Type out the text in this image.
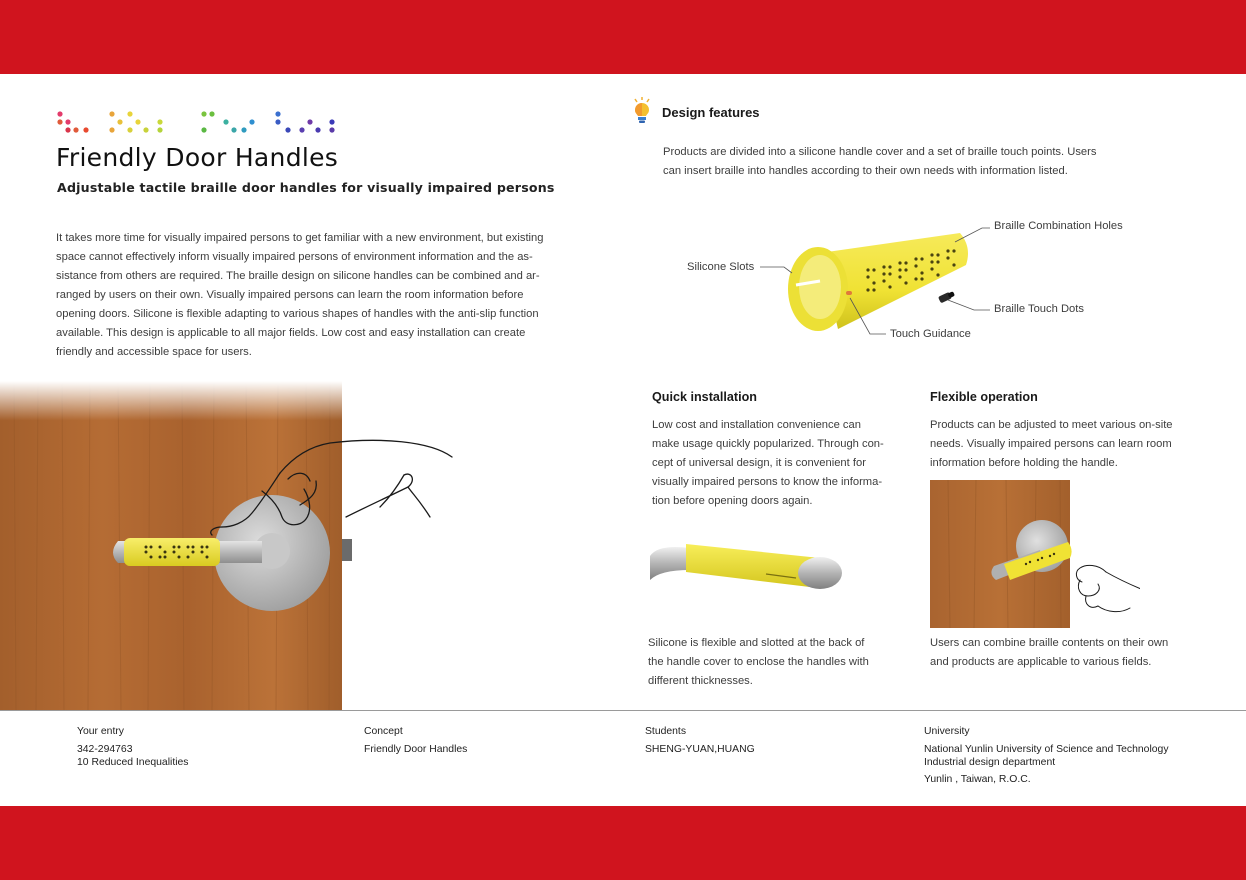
Friendly Door Handles
Adjustable tactile braille door handles for visually impaired persons
It takes more time for visually impaired persons to get familiar with a new environment, but existing
space cannot effectively inform visually impaired persons of environment information and the as-
sistance from others are required. The braille design on silicone handles can be combined and ar-
ranged by users on their own. Visually impaired persons can learn the room information before
opening doors. Silicone is flexible adapting to various shapes of handles with the anti-slip function
available. This design is applicable to all major fields. Low cost and easy installation can create
friendly and accessible space for users.
Design features
Products are divided into a silicone handle cover and a set of braille touch points. Users
can insert braille into handles according to their own needs with information listed.
Braille Combination Holes
Silicone Slots
Braille Touch Dots
Touch Guidance
Quick installation
Low cost and installation convenience can
make usage quickly popularized. Through con-
cept of universal design, it is convenient for
visually impaired persons to know the informa-
tion before opening doors again.
Silicone is flexible and slotted at the back of
the handle cover to enclose the handles with
different thicknesses.
Flexible operation
Products can be adjusted to meet various on-site
needs. Visually impaired persons can learn room
information before holding the handle.
Users can combine braille contents on their own
and products are applicable to various fields.
Your entry
342-294763
10 Reduced Inequalities
Concept
Friendly Door Handles
Students
SHENG-YUAN,HUANG
University
National Yunlin University of Science and Technology
Industrial design department
Yunlin , Taiwan, R.O.C.
